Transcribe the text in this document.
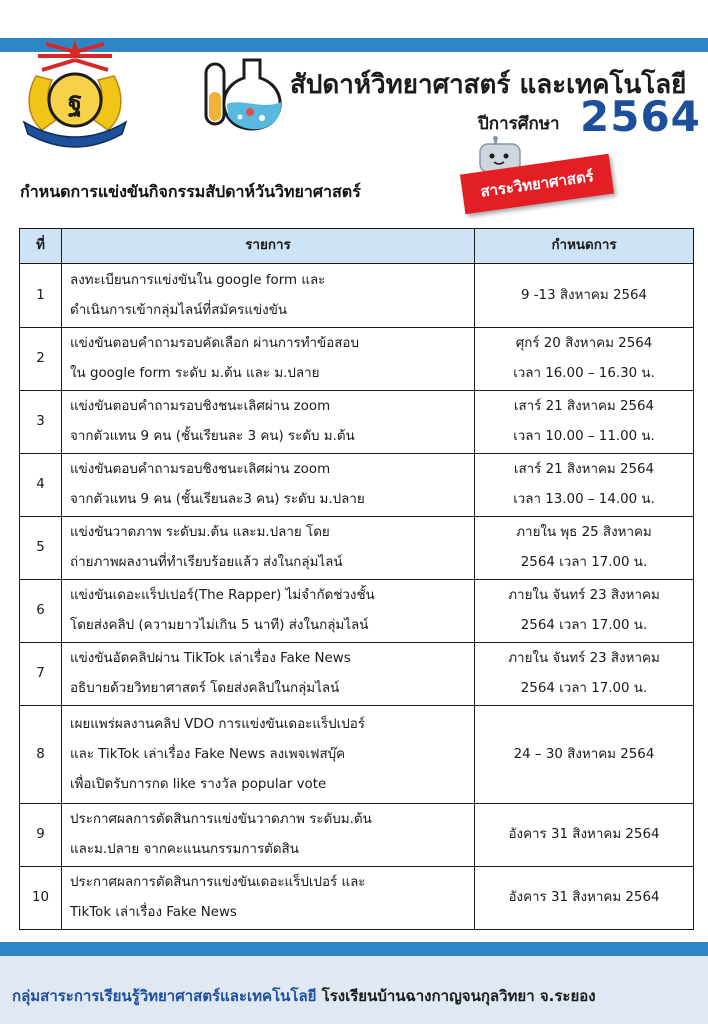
ฐ
สัปดาห์วิทยาศาสตร์ และเทคโนโลยี
ปีการศึกษา 2564
กำหนดการแข่งขันกิจกรรมสัปดาห์วันวิทยาศาสตร์	สาระวิทยาศาสตร์
ที่	รายการ	กำหนดการ
1	ลงทะเบียนการแข่งขันใน google form และ
ดำเนินการเข้ากลุ่มไลน์ที่สมัครแข่งขัน	9 -13 สิงหาคม 2564

2	แข่งขันตอบคำถามรอบคัดเลือก ผ่านการทำข้อสอบ
ใน google form ระดับ ม.ต้น และ ม.ปลาย	ศุกร์ 20 สิงหาคม 2564
เวลา 16.00 – 16.30 น.

3	แข่งขันตอบคำถามรอบชิงชนะเลิศผ่าน zoom
จากตัวแทน 9 คน (ชั้นเรียนละ 3 คน) ระดับ ม.ต้น	เสาร์ 21 สิงหาคม 2564
เวลา 10.00 – 11.00 น.

4	แข่งขันตอบคำถามรอบชิงชนะเลิศผ่าน zoom
จากตัวแทน 9 คน (ชั้นเรียนละ3 คน) ระดับ ม.ปลาย	เสาร์ 21 สิงหาคม 2564
เวลา 13.00 – 14.00 น.

5	แข่งขันวาดภาพ ระดับม.ต้น และม.ปลาย โดย
ถ่ายภาพผลงานที่ทำเรียบร้อยแล้ว ส่งในกลุ่มไลน์	ภายใน พุธ 25 สิงหาคม
2564 เวลา 17.00 น.

6	แข่งขันเดอะแร็ปเปอร์(The Rapper) ไม่จำกัดช่วงชั้น
โดยส่งคลิป (ความยาวไม่เกิน 5 นาที) ส่งในกลุ่มไลน์	ภายใน จันทร์ 23 สิงหาคม
2564 เวลา 17.00 น.

7	แข่งขันอัดคลิปผ่าน TikTok เล่าเรื่อง Fake News
อธิบายด้วยวิทยาศาสตร์ โดยส่งคลิปในกลุ่มไลน์	ภายใน จันทร์ 23 สิงหาคม
2564 เวลา 17.00 น.

8	เผยแพร่ผลงานคลิป VDO การแข่งขันเดอะแร็ปเปอร์
และ TikTok เล่าเรื่อง Fake News ลงเพจเฟสบุ๊ค
เพื่อเปิดรับการกด like รางวัล popular vote	24 – 30 สิงหาคม 2564

9	ประกาศผลการตัดสินการแข่งขันวาดภาพ ระดับม.ต้น
และม.ปลาย จากคะแนนกรรมการตัดสิน	อังคาร 31 สิงหาคม 2564

10	ประกาศผลการตัดสินการแข่งขันเดอะแร็ปเปอร์ และ
TikTok เล่าเรื่อง Fake News	อังคาร 31 สิงหาคม 2564
กลุ่มสาระการเรียนรู้วิทยาศาสตร์และเทคโนโลยี โรงเรียนบ้านฉางกาญจนกุลวิทยา จ.ระยอง
